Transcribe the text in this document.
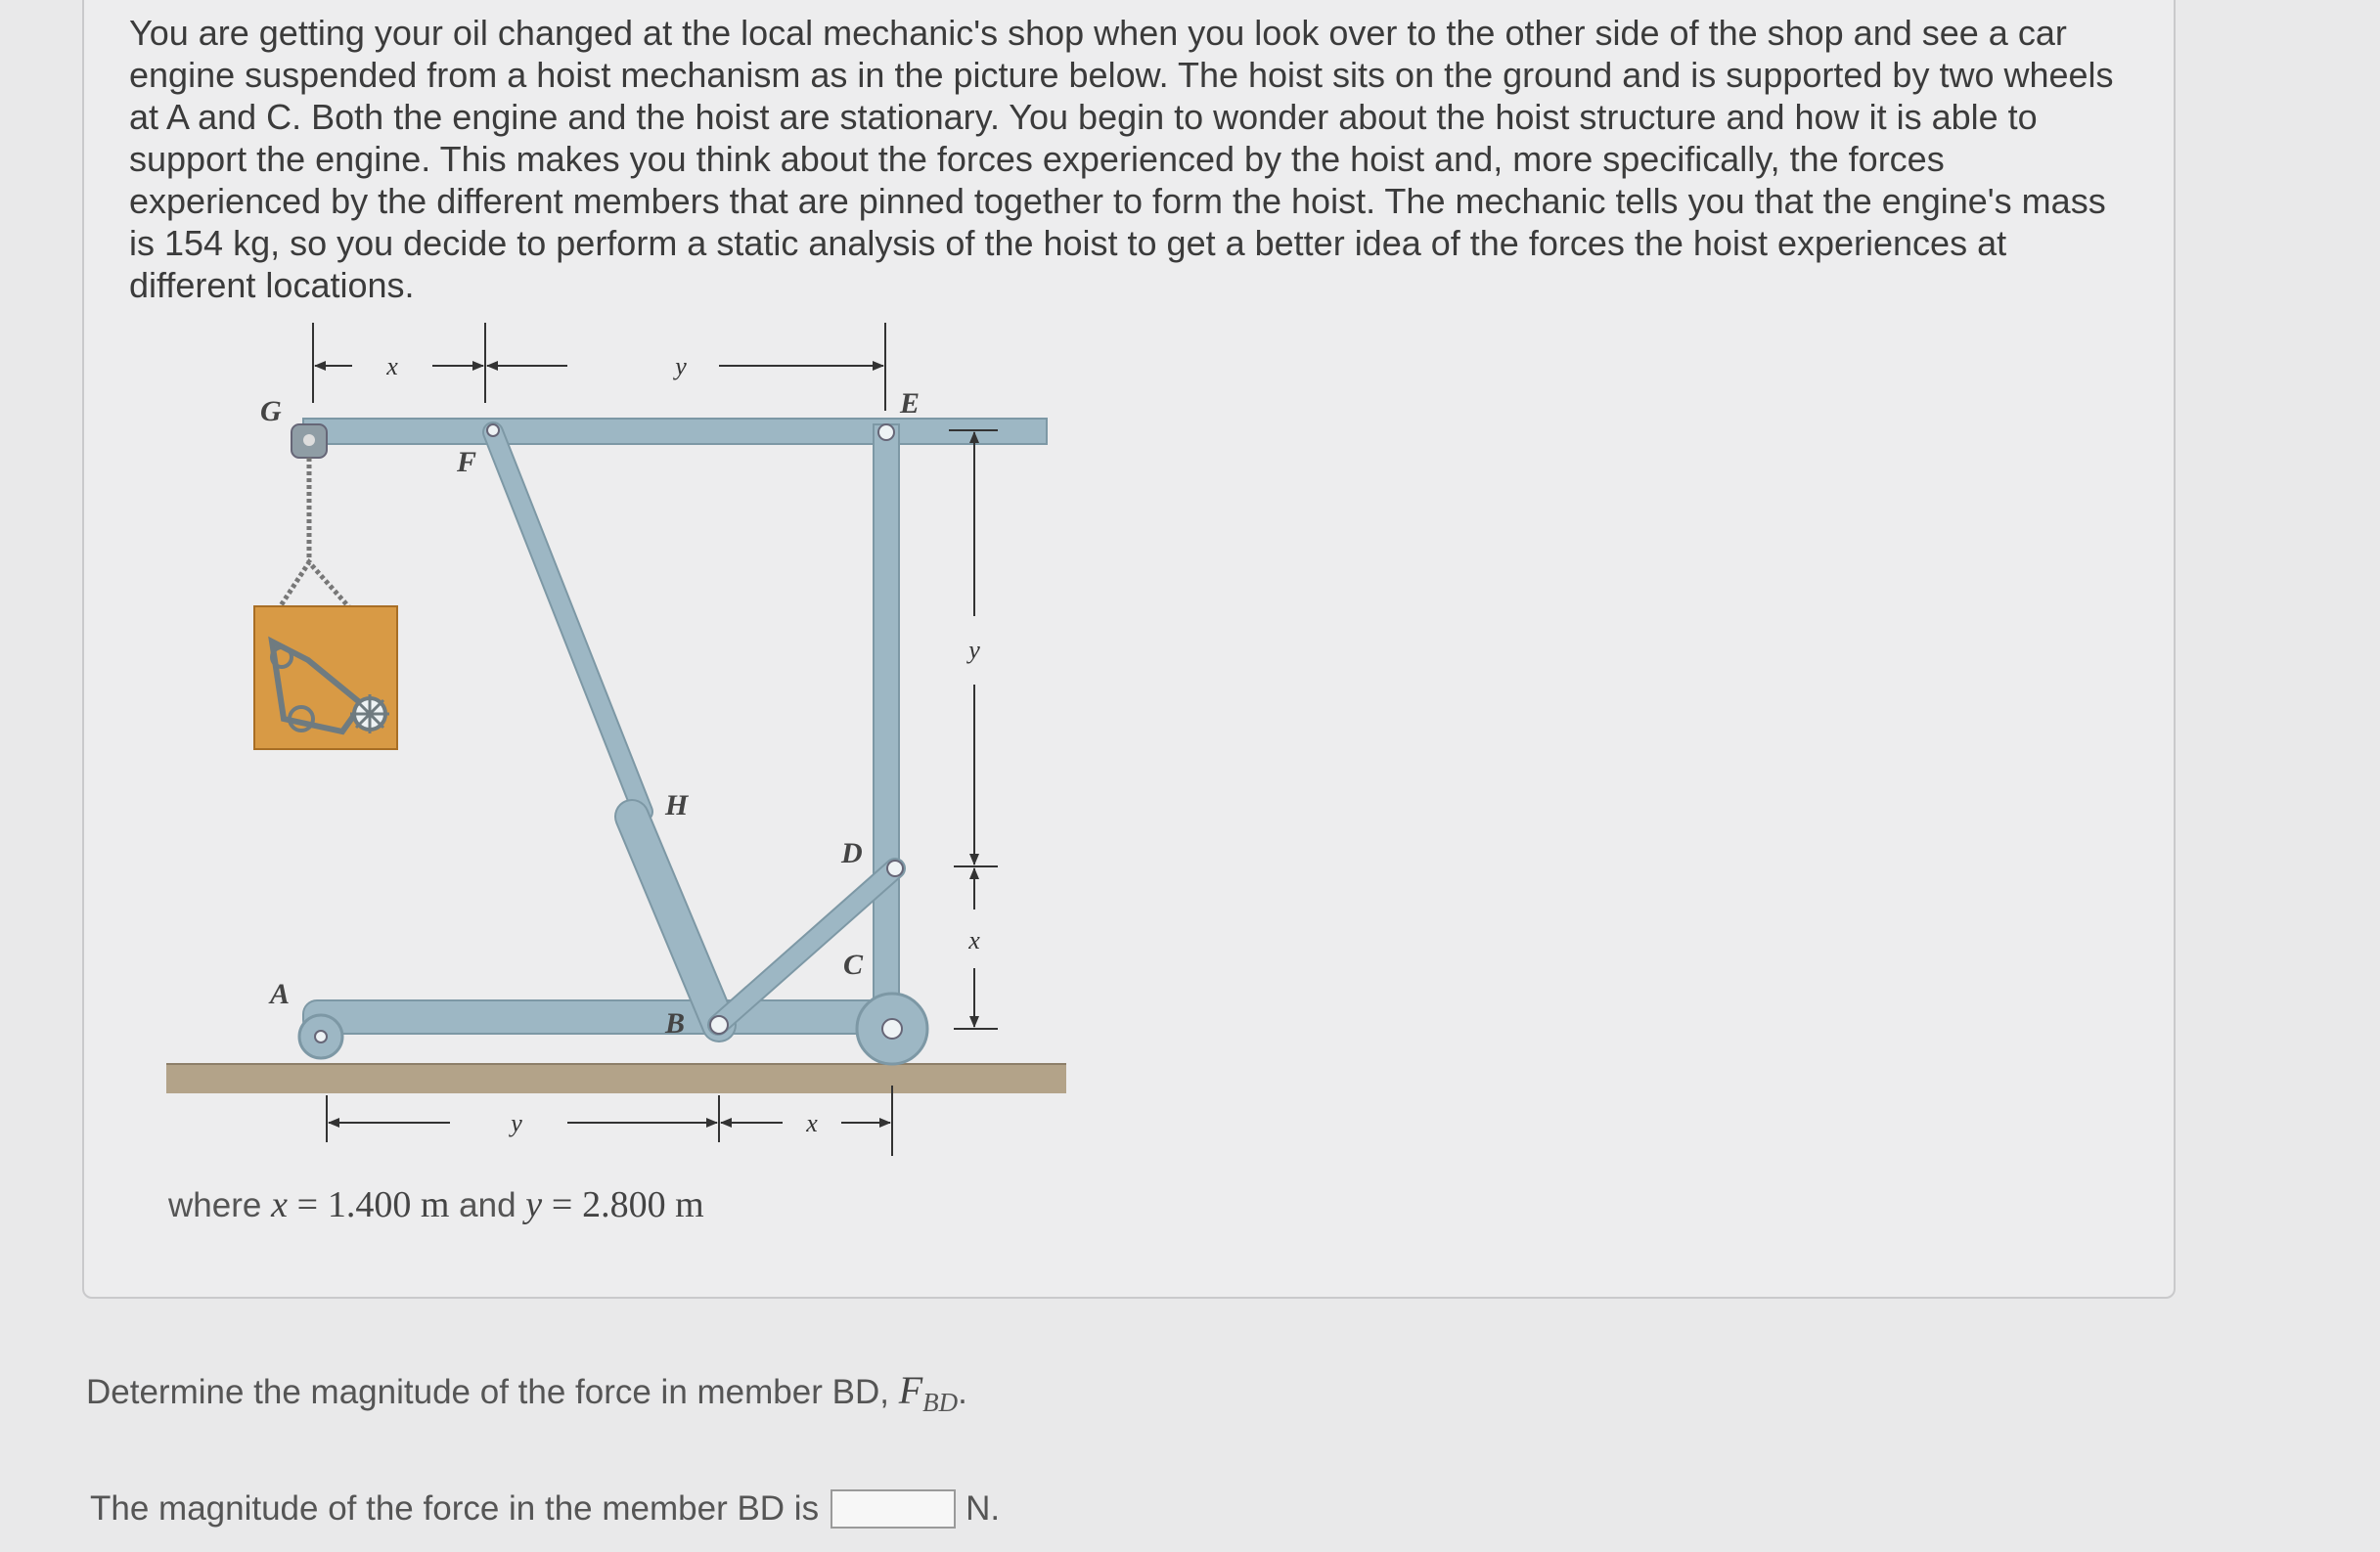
You are getting your oil changed at the local mechanic's shop when you look over to the other side of the shop and see a car engine suspended from a hoist mechanism as in the picture below. The hoist sits on the ground and is supported by two wheels at A and C. Both the engine and the hoist are stationary. You begin to wonder about the hoist structure and how it is able to support the engine. This makes you think about the forces experienced by the hoist and, more specifically, the forces experienced by the different members that are pinned together to form the hoist. The mechanic tells you that the engine's mass is 154 kg, so you decide to perform a static analysis of the hoist to get a better idea of the forces the hoist experiences at different locations.

x	y
y
x
y	x
G
F
E
H
D
C
B
A
where x = 1.400 m and y = 2.800 m
Determine the magnitude of the force in member BD, $F_{BD}$.
The magnitude of the force in the member BD is	N.
